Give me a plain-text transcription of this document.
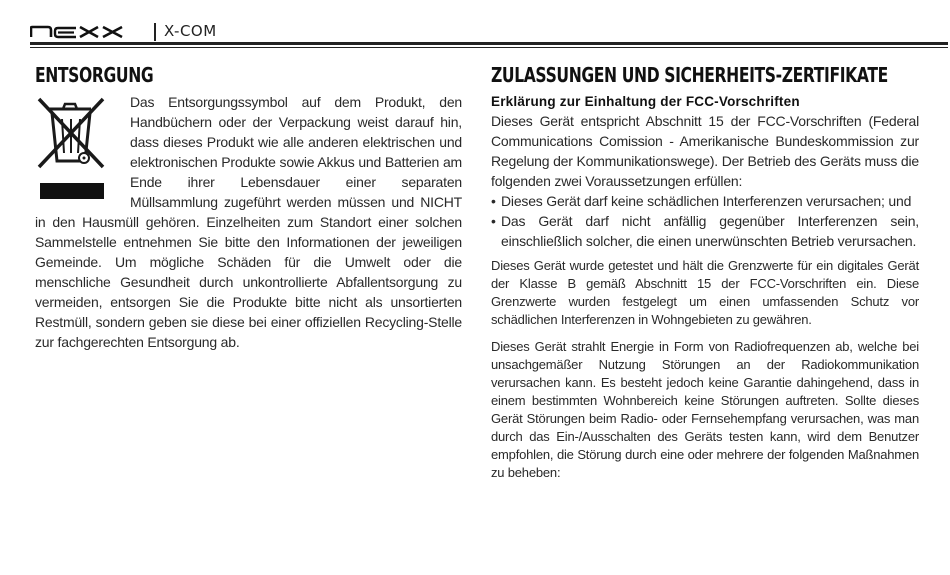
X-COM
ENTSORGUNG

Das Entsorgungssymbol auf dem Produkt, den Handbüchern oder der Verpackung weist darauf hin, dass dieses Produkt wie alle anderen elektrischen und elektronischen Produkte sowie Akkus und Batterien am Ende ihrer Lebensdauer einer separaten Müllsammlung zugeführt werden müssen und NICHT in den Hausmüll gehören. Einzelheiten zum Standort einer solchen Sammelstelle entnehmen Sie bitte den Informationen der jeweiligen Gemeinde. Um mögliche Schäden für die Umwelt oder die menschliche Gesundheit durch unkontrollierte Abfallentsorgung zu vermeiden, entsorgen Sie die Produkte bitte nicht als unsortierten Restmüll, sondern geben sie diese bei einer offiziellen Recycling-Stelle zur fachgerechten Entsorgung ab.

ZULASSUNGEN UND SICHERHEITS-ZERTIFIKATE
Erklärung zur Einhaltung der FCC-Vorschriften

Dieses Gerät entspricht Abschnitt 15 der FCC-Vorschriften (Federal Communications Comission - Amerikanische Bundeskommission zur Regelung der Kommunikationswege). Der Betrieb des Geräts muss die folgenden zwei Voraussetzungen erfüllen:

• Dieses Gerät darf keine schädlichen Interferenzen verursachen; und
• Das Gerät darf nicht anfällig gegenüber Interferenzen sein, einschließlich solcher, die einen unerwünschten Betrieb verursachen.

Dieses Gerät wurde getestet und hält die Grenzwerte für ein digitales Gerät der Klasse B gemäß Abschnitt 15 der FCC-Vorschriften ein. Diese Grenzwerte wurden festgelegt um einen umfassenden Schutz vor schädlichen Interferenzen in Wohngebieten zu gewähren.

Dieses Gerät strahlt Energie in Form von Radiofrequenzen ab, welche bei unsachgemäßer Nutzung Störungen an der Radiokommunikation verursachen kann. Es besteht jedoch keine Garantie dahingehend, dass in einem bestimmten Wohnbereich keine Störungen auftreten. Sollte dieses Gerät Störungen beim Radio- oder Fernsehempfang verursachen, was man durch das Ein-/Ausschalten des Geräts testen kann, wird dem Benutzer empfohlen, die Störung durch eine oder mehrere der folgenden Maßnahmen zu beheben:
